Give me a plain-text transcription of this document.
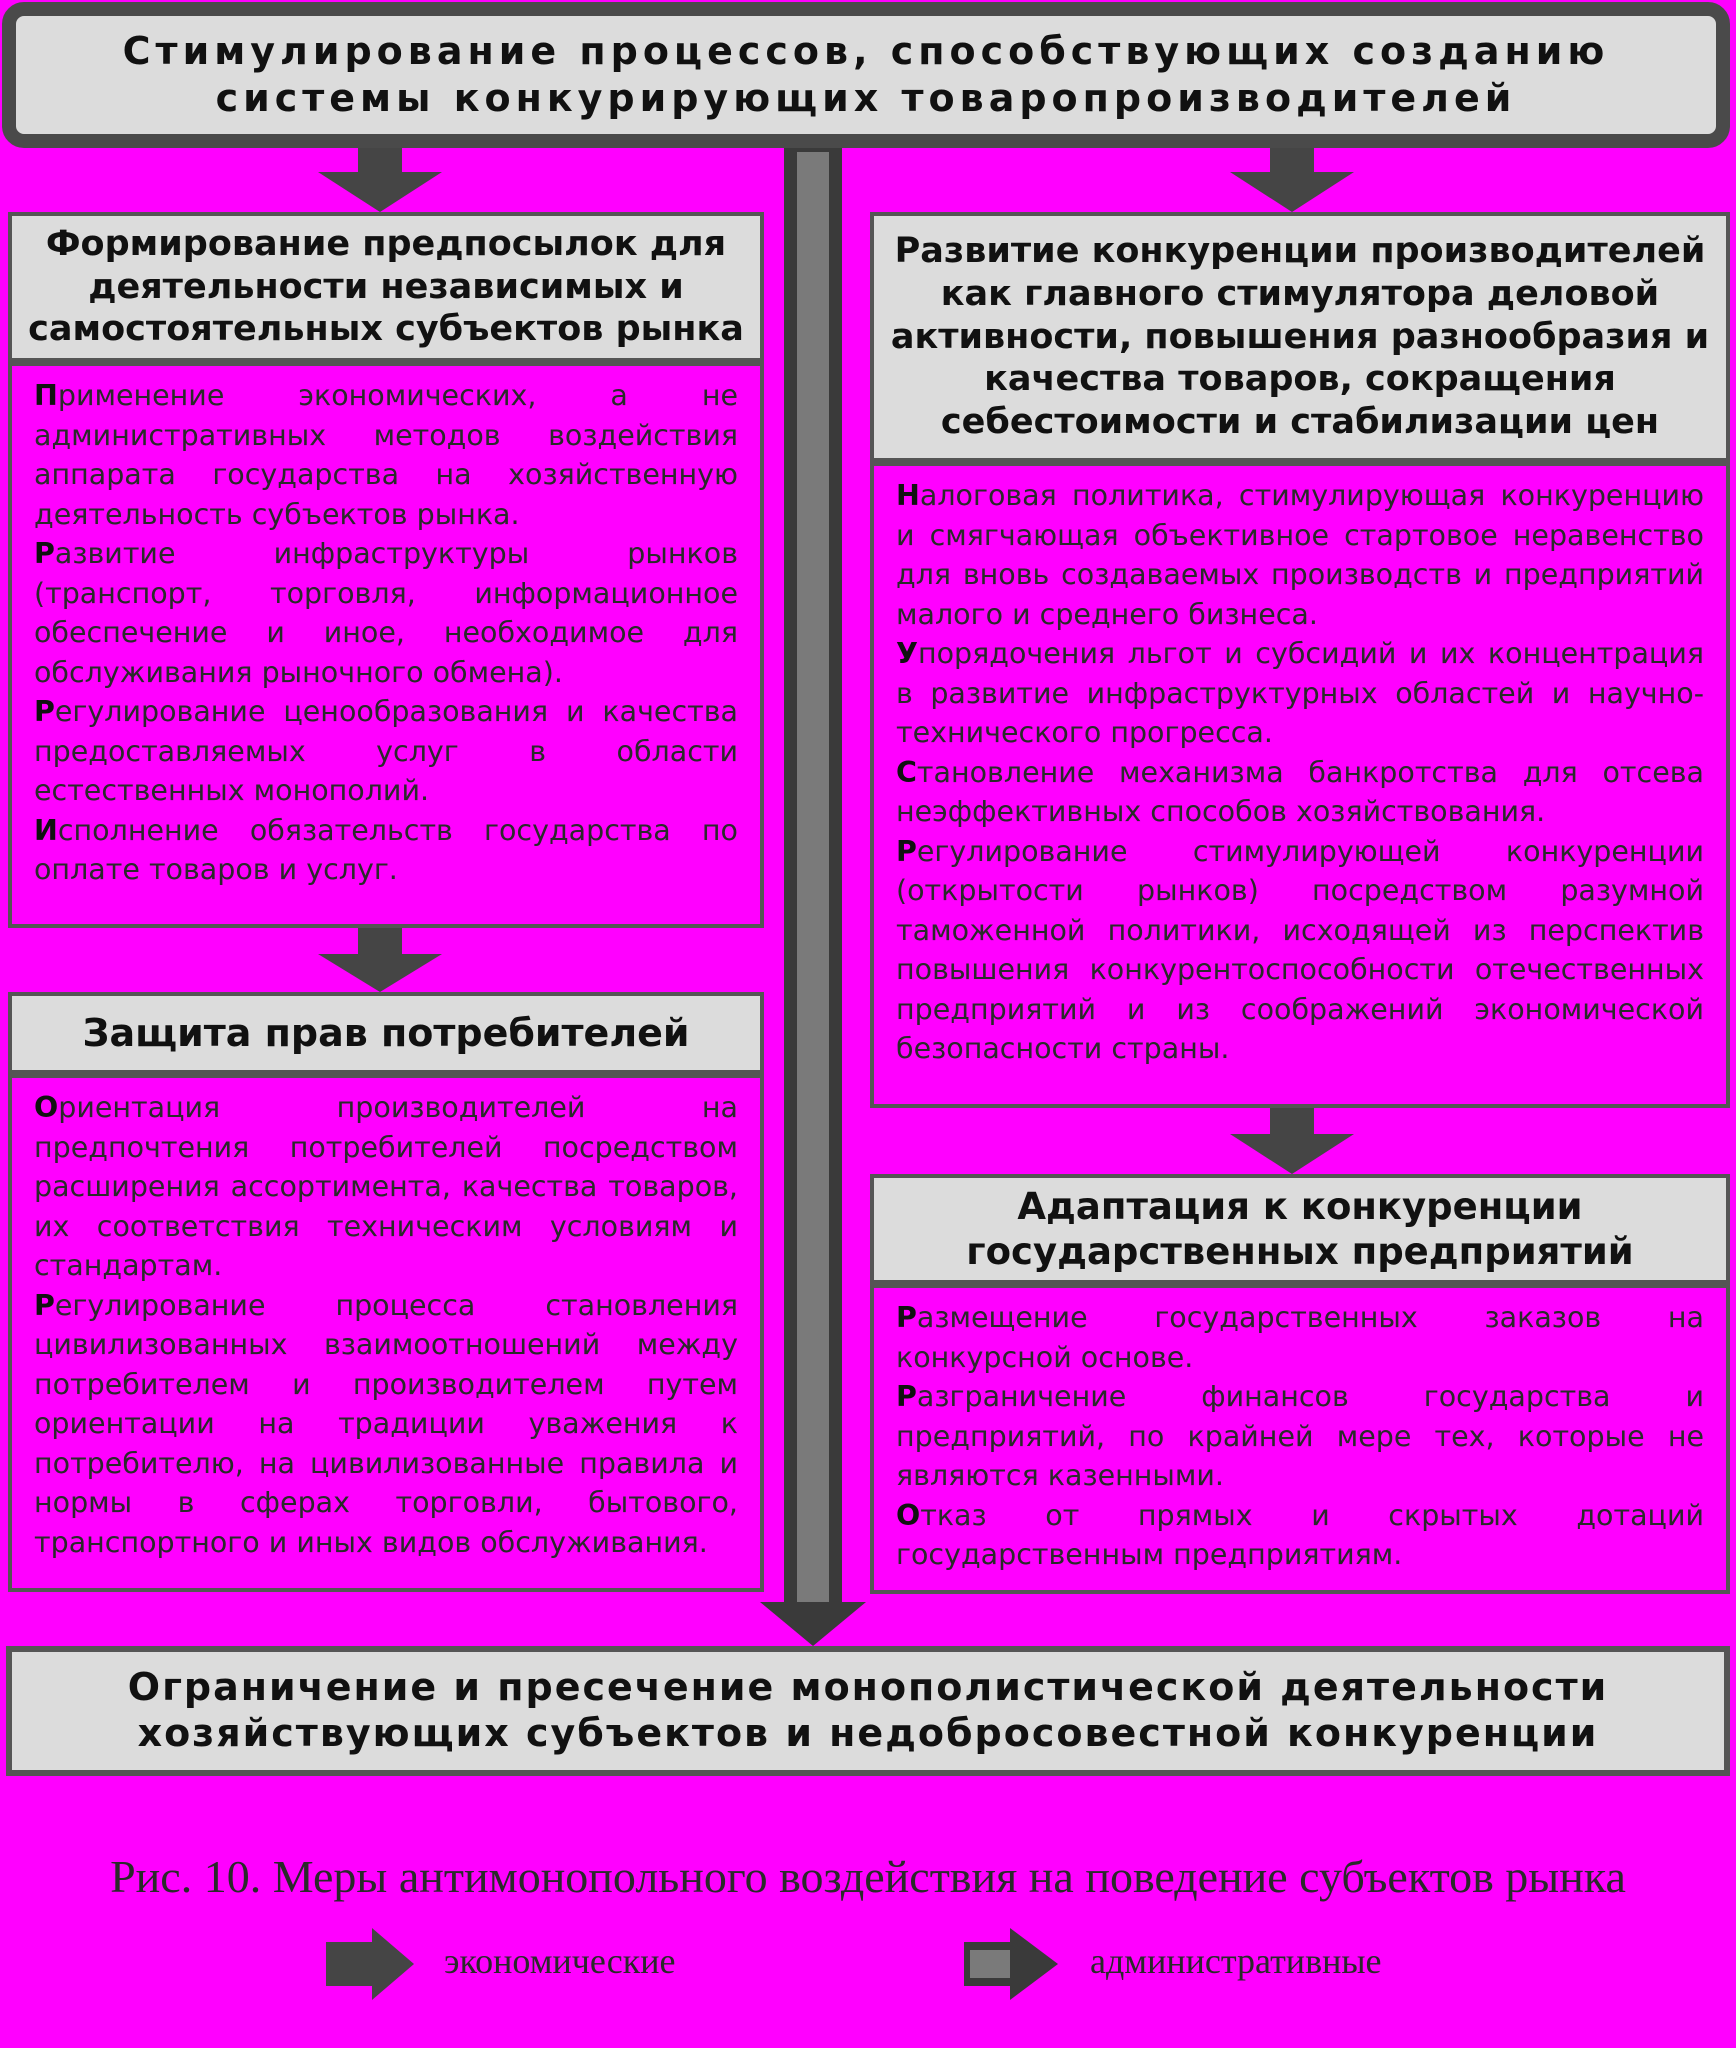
Стимулирование процессов, способствующих созданию
системы конкурирующих товаропроизводителей
Формирование предпосылок для
деятельности независимых и
самостоятельных субъектов рынка

Применение экономических, а не административных методов воздействия аппарата государства на хозяйственную деятельность субъектов рынка.

Развитие инфраструктуры рынков (транспорт, торговля, информационное обеспечение и иное, необходимое для обслуживания рыночного обмена).

Регулирование ценообразования и качества предоставляемых услуг в области естественных монополий.

Исполнение обязательств государства по оплате товаров и услуг.

Защита прав потребителей

Ориентация производителей на предпочтения потребителей посредством расширения ассортимента, качества товаров, их соответствия техническим условиям и стандартам.

Регулирование процесса становления цивилизованных взаимоотношений между потребителем и производителем путем ориентации на традиции уважения к потребителю, на цивилизованные правила и нормы в сферах торговли, бытового, транспортного и иных видов обслуживания.

Развитие конкуренции производителей
как главного стимулятора деловой
активности, повышения разнообразия и
качества товаров, сокращения
себестоимости и стабилизации цен

Налоговая политика, стимулирующая конкуренцию и смягчающая объективное стартовое неравенство для вновь создаваемых производств и предприятий малого и среднего бизнеса.

Упорядочения льгот и субсидий и их концентрация в развитие инфраструктурных областей и научно-технического прогресса.

Становление механизма банкротства для отсева неэффективных способов хозяйствования.

Регулирование стимулирующей конкуренции (открытости рынков) посредством разумной таможенной политики, исходящей из перспектив повышения конкурентоспособности отечественных предприятий и из соображений экономической безопасности страны.

Адаптация к конкуренции
государственных предприятий

Размещение государственных заказов на конкурсной основе.

Разграничение финансов государства и предприятий, по крайней мере тех, которые не являются казенными.

Отказ от прямых и скрытых дотаций государственным предприятиям.

Ограничение и пресечение монополистической деятельности
хозяйствующих субъектов и недобросовестной конкуренции
Рис. 10. Меры антимонопольного воздействия на поведение субъектов рынка
экономические	административные
